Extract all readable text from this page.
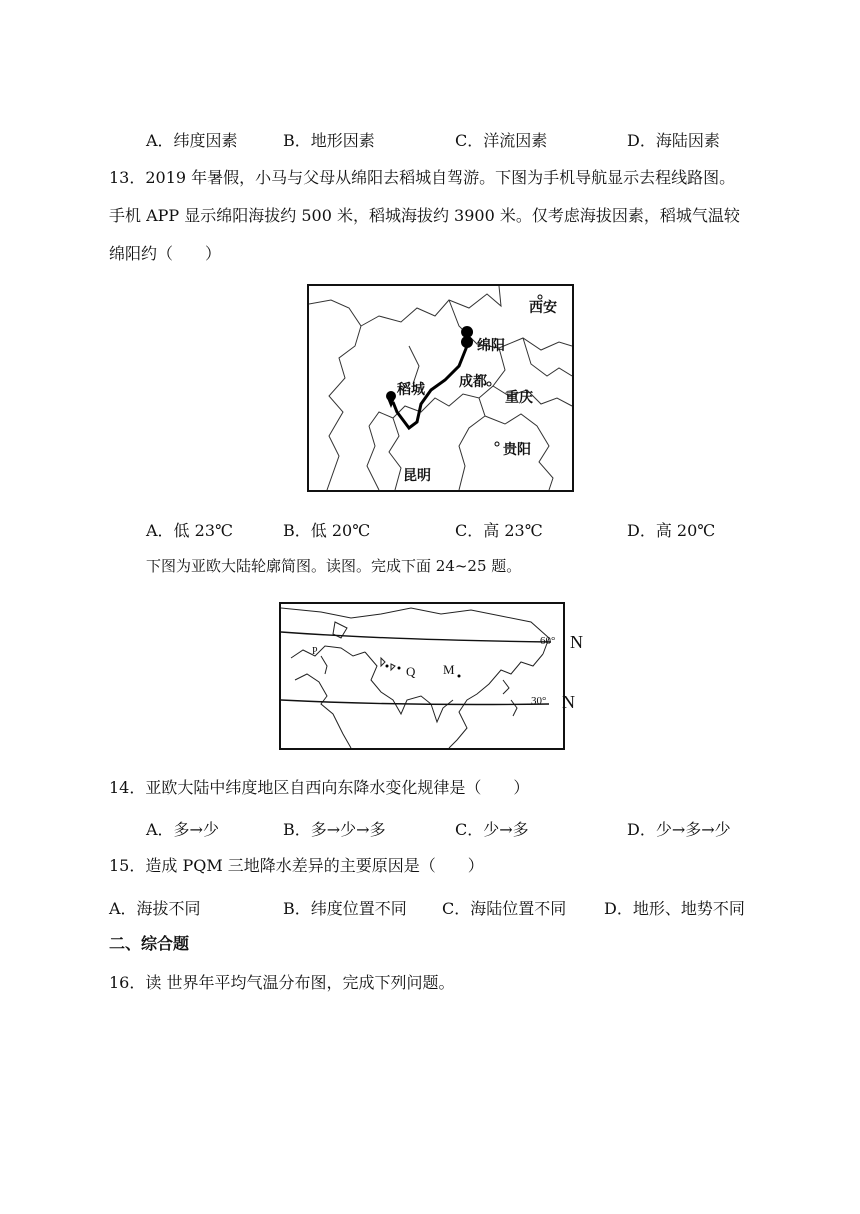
A．纬度因素	B．地形因素	C．洋流因素	D．海陆因素
13．2019 年暑假，小马与父母从绵阳去稻城自驾游。下图为手机导航显示去程线路图。
手机 APP 显示绵阳海拔约 500 米，稻城海拔约 3900 米。仅考虑海拔因素，稻城气温较
绵阳约（　　）
西安
绵阳
成都
稻城	重庆
贵阳
昆明
A．低 23℃	B．低 20℃	C．高 23℃	D．高 20℃
下图为亚欧大陆轮廓简图。读图。完成下面 24~25 题。
P
Q M
60°
30°
N
N
14．亚欧大陆中纬度地区自西向东降水变化规律是（　　）
A．多→少	B．多→少→多	C．少→多	D．少→多→少
15．造成 PQM 三地降水差异的主要原因是（　　）
A．海拔不同	B．纬度位置不同 C．海陆位置不同 D．地形、地势不同
二、综合题
16．读 世界年平均气温分布图，完成下列问题。
